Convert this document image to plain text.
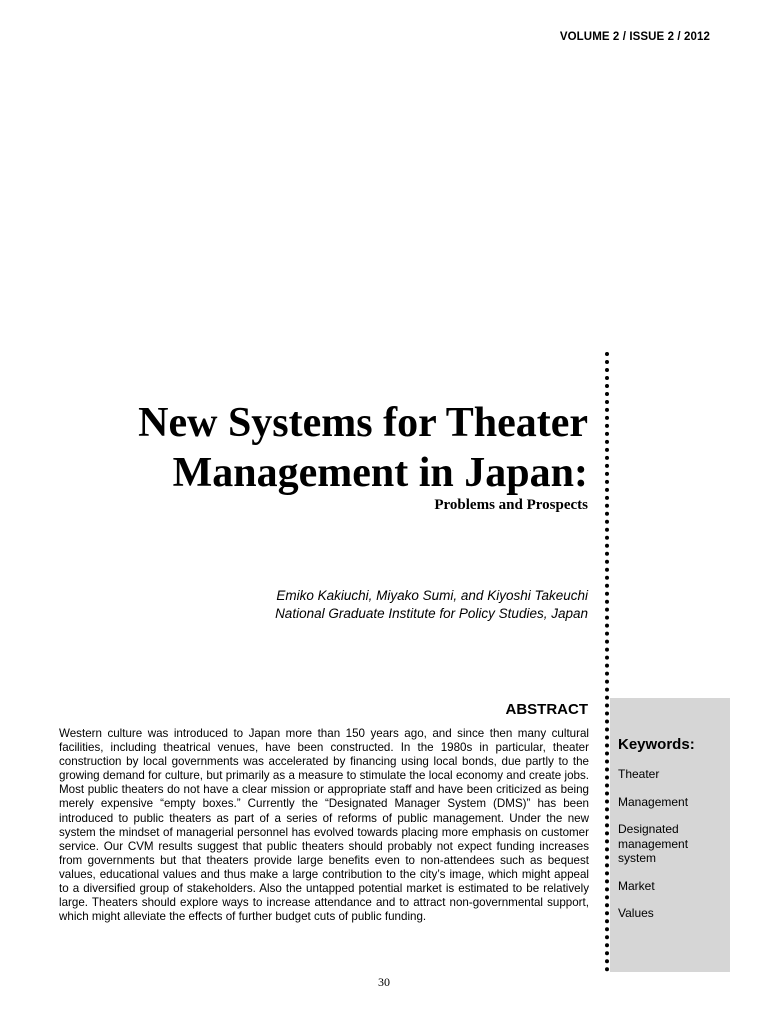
VOLUME 2 / ISSUE 2 / 2012
New Systems for Theater
Management in Japan:
Problems and Prospects
Emiko Kakiuchi, Miyako Sumi, and Kiyoshi Takeuchi
National Graduate Institute for Policy Studies, Japan
ABSTRACT

Western culture was introduced to Japan more than 150 years ago, and since then many cultural facilities, including theatrical venues, have been constructed. In the 1980s in particular, theater construction by local governments was accelerated by financing using local bonds, due partly to the growing demand for culture, but primarily as a measure to stimulate the local economy and create jobs. Most public theaters do not have a clear mission or appropriate staff and have been criticized as being merely expensive “empty boxes.” Currently the “Designated Manager System (DMS)” has been introduced to public theaters as part of a series of reforms of public management. Under the new system the mindset of managerial personnel has evolved towards placing more emphasis on customer service. Our CVM results suggest that public theaters should probably not expect funding increases from governments but that theaters provide large benefits even to non-attendees such as bequest values, educational values and thus make a large contribution to the city’s image, which might appeal to a diversified group of stakeholders. Also the untapped potential market is estimated to be relatively large. Theaters should explore ways to increase attendance and to attract non-governmental support, which might alleviate the effects of further budget cuts of public funding.

Keywords:
Theater
Management
Designated management system
Market
Values
30
